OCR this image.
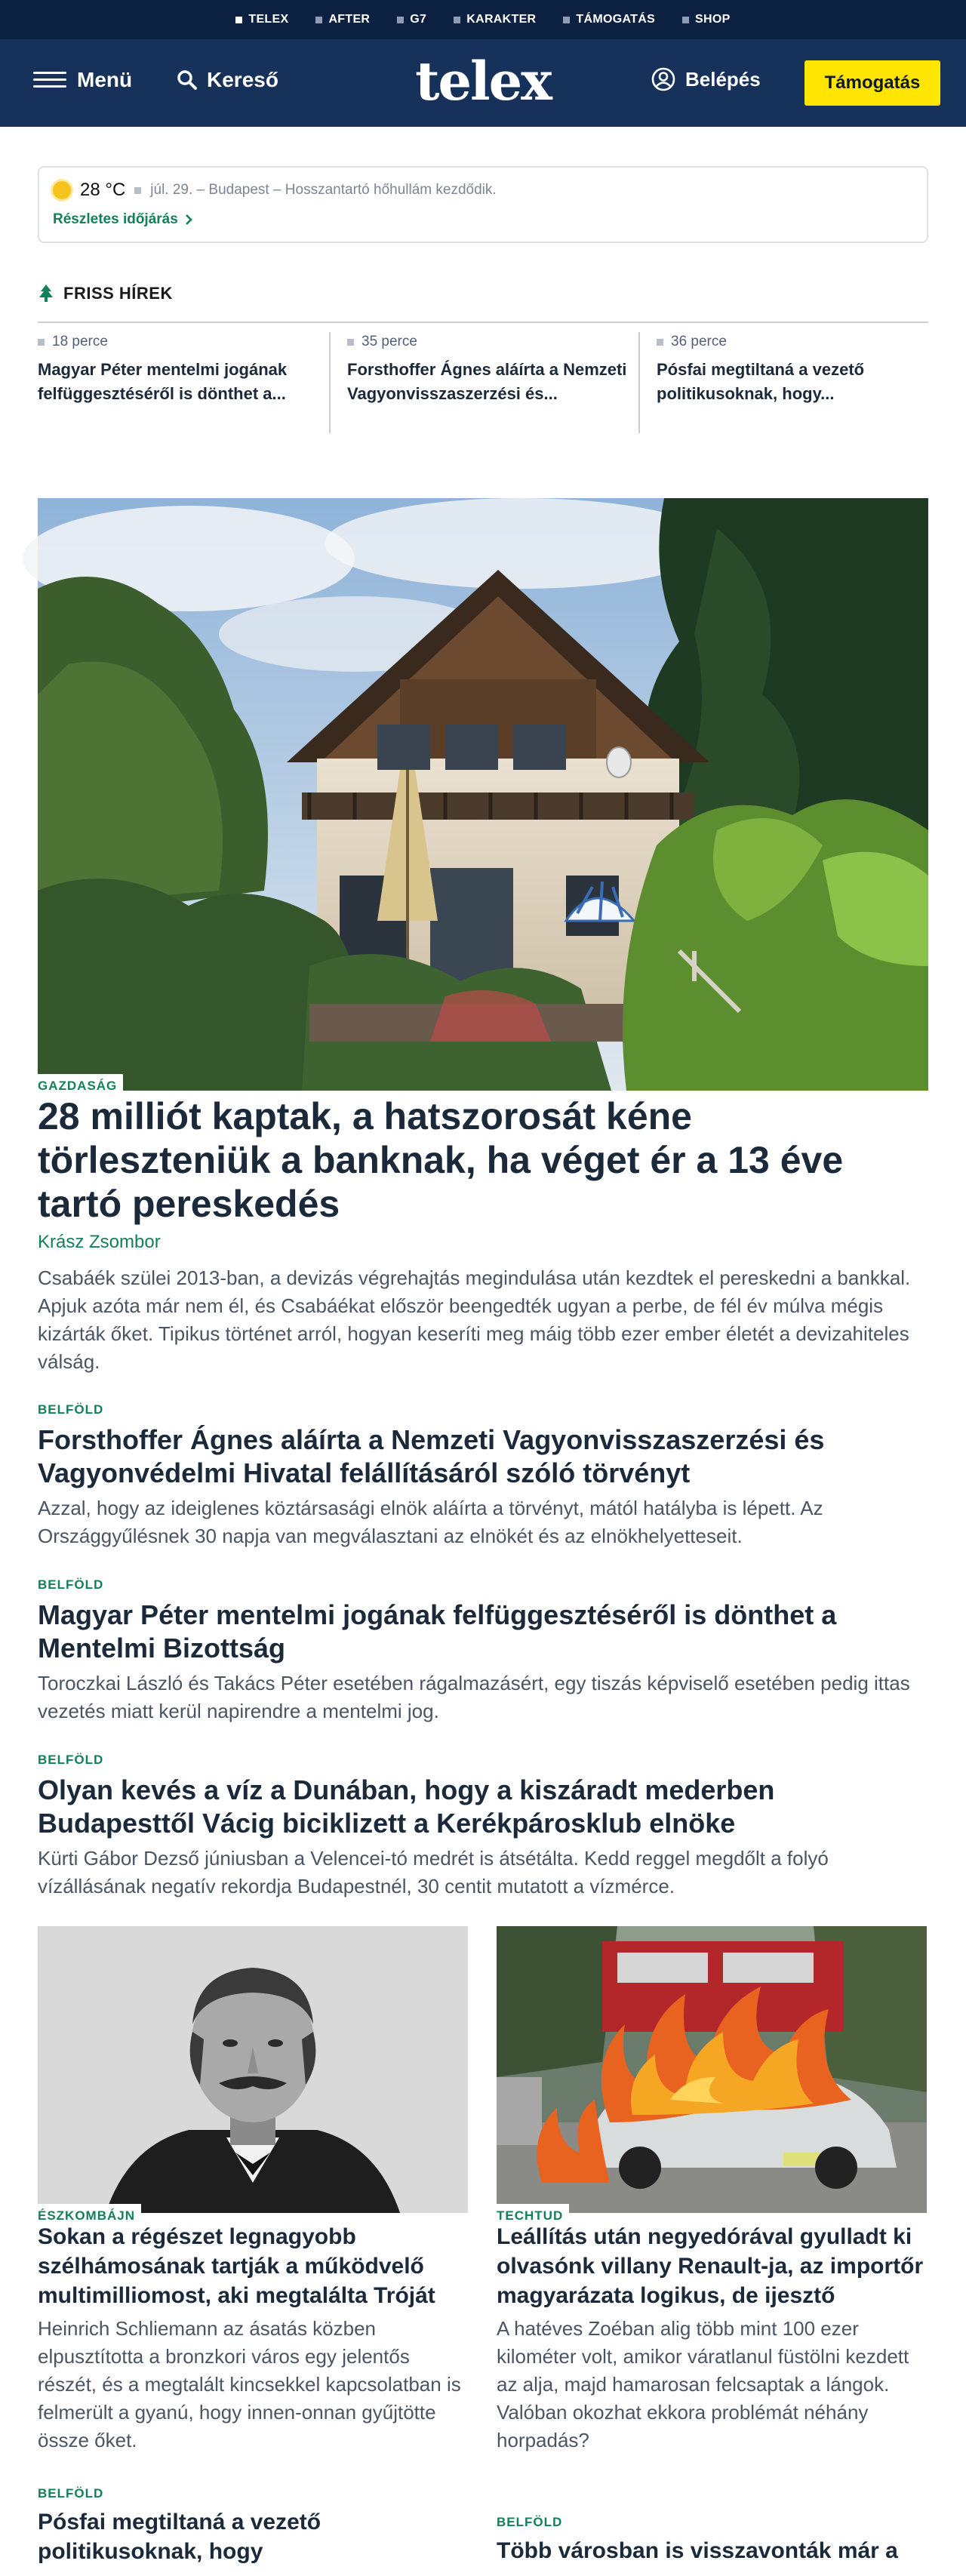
TELEX	AFTER	G7	KARAKTER	TÁMOGATÁS	SHOP
Menü	Kereső	telex	Belépés	Támogatás
28 °C júl. 29. – Budapest – Hosszantartó hőhullám kezdődik.
Részletes időjárás
FRISS HÍREK
18 perce
Magyar Péter mentelmi jogának felfüggesztéséről is dönthet a...
35 perce
Forsthoffer Ágnes aláírta a Nemzeti Vagyonvisszaszerzési és...
36 perce
Pósfai megtiltaná a vezető politikusoknak, hogy...
GAZDASÁG
28 milliót kaptak, a hatszorosát kéne törleszteniük a banknak, ha véget ér a 13 éve tartó pereskedés
Krász Zsombor
Csabáék szülei 2013-ban, a devizás végrehajtás megindulása után kezdtek el pereskedni a bankkal. Apjuk azóta már nem él, és Csabáékat először beengedték ugyan a perbe, de fél év múlva mégis kizárták őket. Tipikus történet arról, hogyan keseríti meg máig több ezer ember életét a devizahiteles válság.
BELFÖLD
Forsthoffer Ágnes aláírta a Nemzeti Vagyonvisszaszerzési és Vagyonvédelmi Hivatal felállításáról szóló törvényt
Azzal, hogy az ideiglenes köztársasági elnök aláírta a törvényt, mától hatályba is lépett. Az Országgyűlésnek 30 napja van megválasztani az elnökét és az elnökhelyetteseit.
BELFÖLD
Magyar Péter mentelmi jogának felfüggesztéséről is dönthet a Mentelmi Bizottság
Toroczkai László és Takács Péter esetében rágalmazásért, egy tiszás képviselő esetében pedig ittas vezetés miatt kerül napirendre a mentelmi jog.
BELFÖLD
Olyan kevés a víz a Dunában, hogy a kiszáradt mederben Budapesttől Vácig biciklizett a Kerékpárosklub elnöke
Kürti Gábor Dezső júniusban a Velencei-tó medrét is átsétálta. Kedd reggel megdőlt a folyó vízállásának negatív rekordja Budapestnél, 30 centit mutatott a vízmérce.
ÉSZKOMBÁJN
Sokan a régészet legnagyobb szélhámosának tartják a működvelő multimilliomost, aki megtalálta Tróját
Heinrich Schliemann az ásatás közben elpusztította a bronzkori város egy jelentős részét, és a megtalált kincsekkel kapcsolatban is felmerült a gyanú, hogy innen-onnan gyűjtötte össze őket.
TECHTUD
Leállítás után negyedórával gyulladt ki olvasónk villany Renault-ja, az importőr magyarázata logikus, de ijesztő
A hatéves Zoéban alig több mint 100 ezer kilométer volt, amikor váratlanul füstölni kezdett az alja, majd hamarosan felcsaptak a lángok. Valóban okozhat ekkora problémát néhány horpadás?
BELFÖLD
Pósfai megtiltaná a vezető politikusoknak, hogy
BELFÖLD
Több városban is visszavonták már a
